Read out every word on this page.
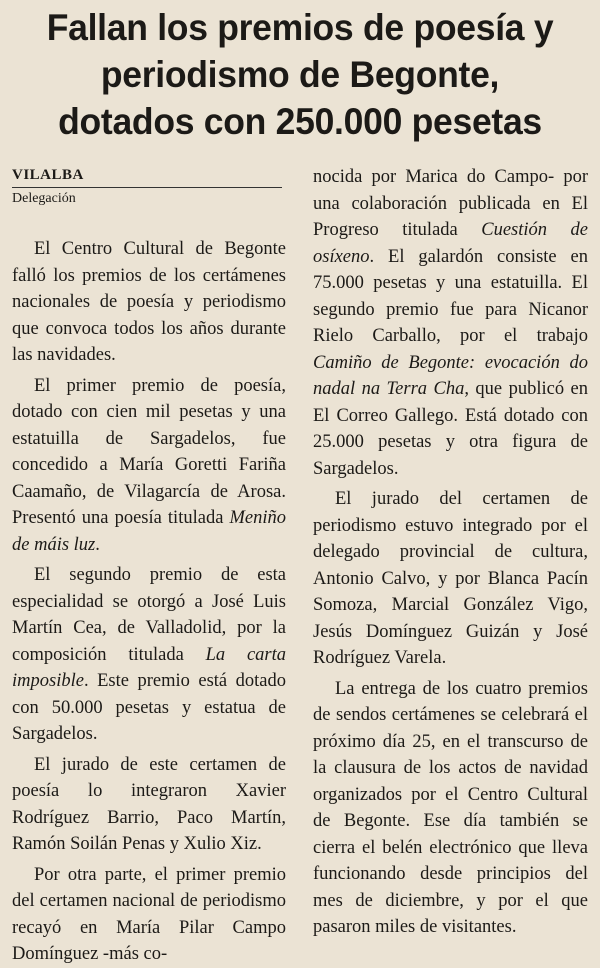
Fallan los premios de poesía y
periodismo de Begonte,
dotados con 250.000 pesetas
VILALBA
Delegación

El Centro Cultural de Begonte falló los premios de los certámenes nacionales de poesía y periodismo que convoca todos los años durante las navidades.

El primer premio de poesía, dotado con cien mil pesetas y una estatuilla de Sargadelos, fue concedido a María Goretti Fariña Caamaño, de Vilagarcía de Arosa. Presentó una poesía titulada Meniño de máis luz.

El segundo premio de esta especialidad se otorgó a José Luis Martín Cea, de Valladolid, por la composición titulada La carta imposible. Este premio está dotado con 50.000 pesetas y estatua de Sargadelos.

El jurado de este certamen de poesía lo integraron Xavier Rodríguez Barrio, Paco Martín, Ramón Soilán Penas y Xulio Xiz.

Por otra parte, el primer premio del certamen nacional de periodismo recayó en María Pilar Campo Domínguez -más co-

nocida por Marica do Campo- por una colaboración publicada en El Progreso titulada Cuestión de osíxeno. El galardón consiste en 75.000 pesetas y una estatuilla. El segundo premio fue para Nicanor Rielo Carballo, por el trabajo Camiño de Begonte: evocación do nadal na Terra Cha, que publicó en El Correo Gallego. Está dotado con 25.000 pesetas y otra figura de Sargadelos.

El jurado del certamen de periodismo estuvo integrado por el delegado provincial de cultura, Antonio Calvo, y por Blanca Pacín Somoza, Marcial González Vigo, Jesús Domínguez Guizán y José Rodríguez Varela.

La entrega de los cuatro premios de sendos certámenes se celebrará el próximo día 25, en el transcurso de la clausura de los actos de navidad organizados por el Centro Cultural de Begonte. Ese día también se cierra el belén electrónico que lleva funcionando desde principios del mes de diciembre, y por el que pasaron miles de visitantes.
